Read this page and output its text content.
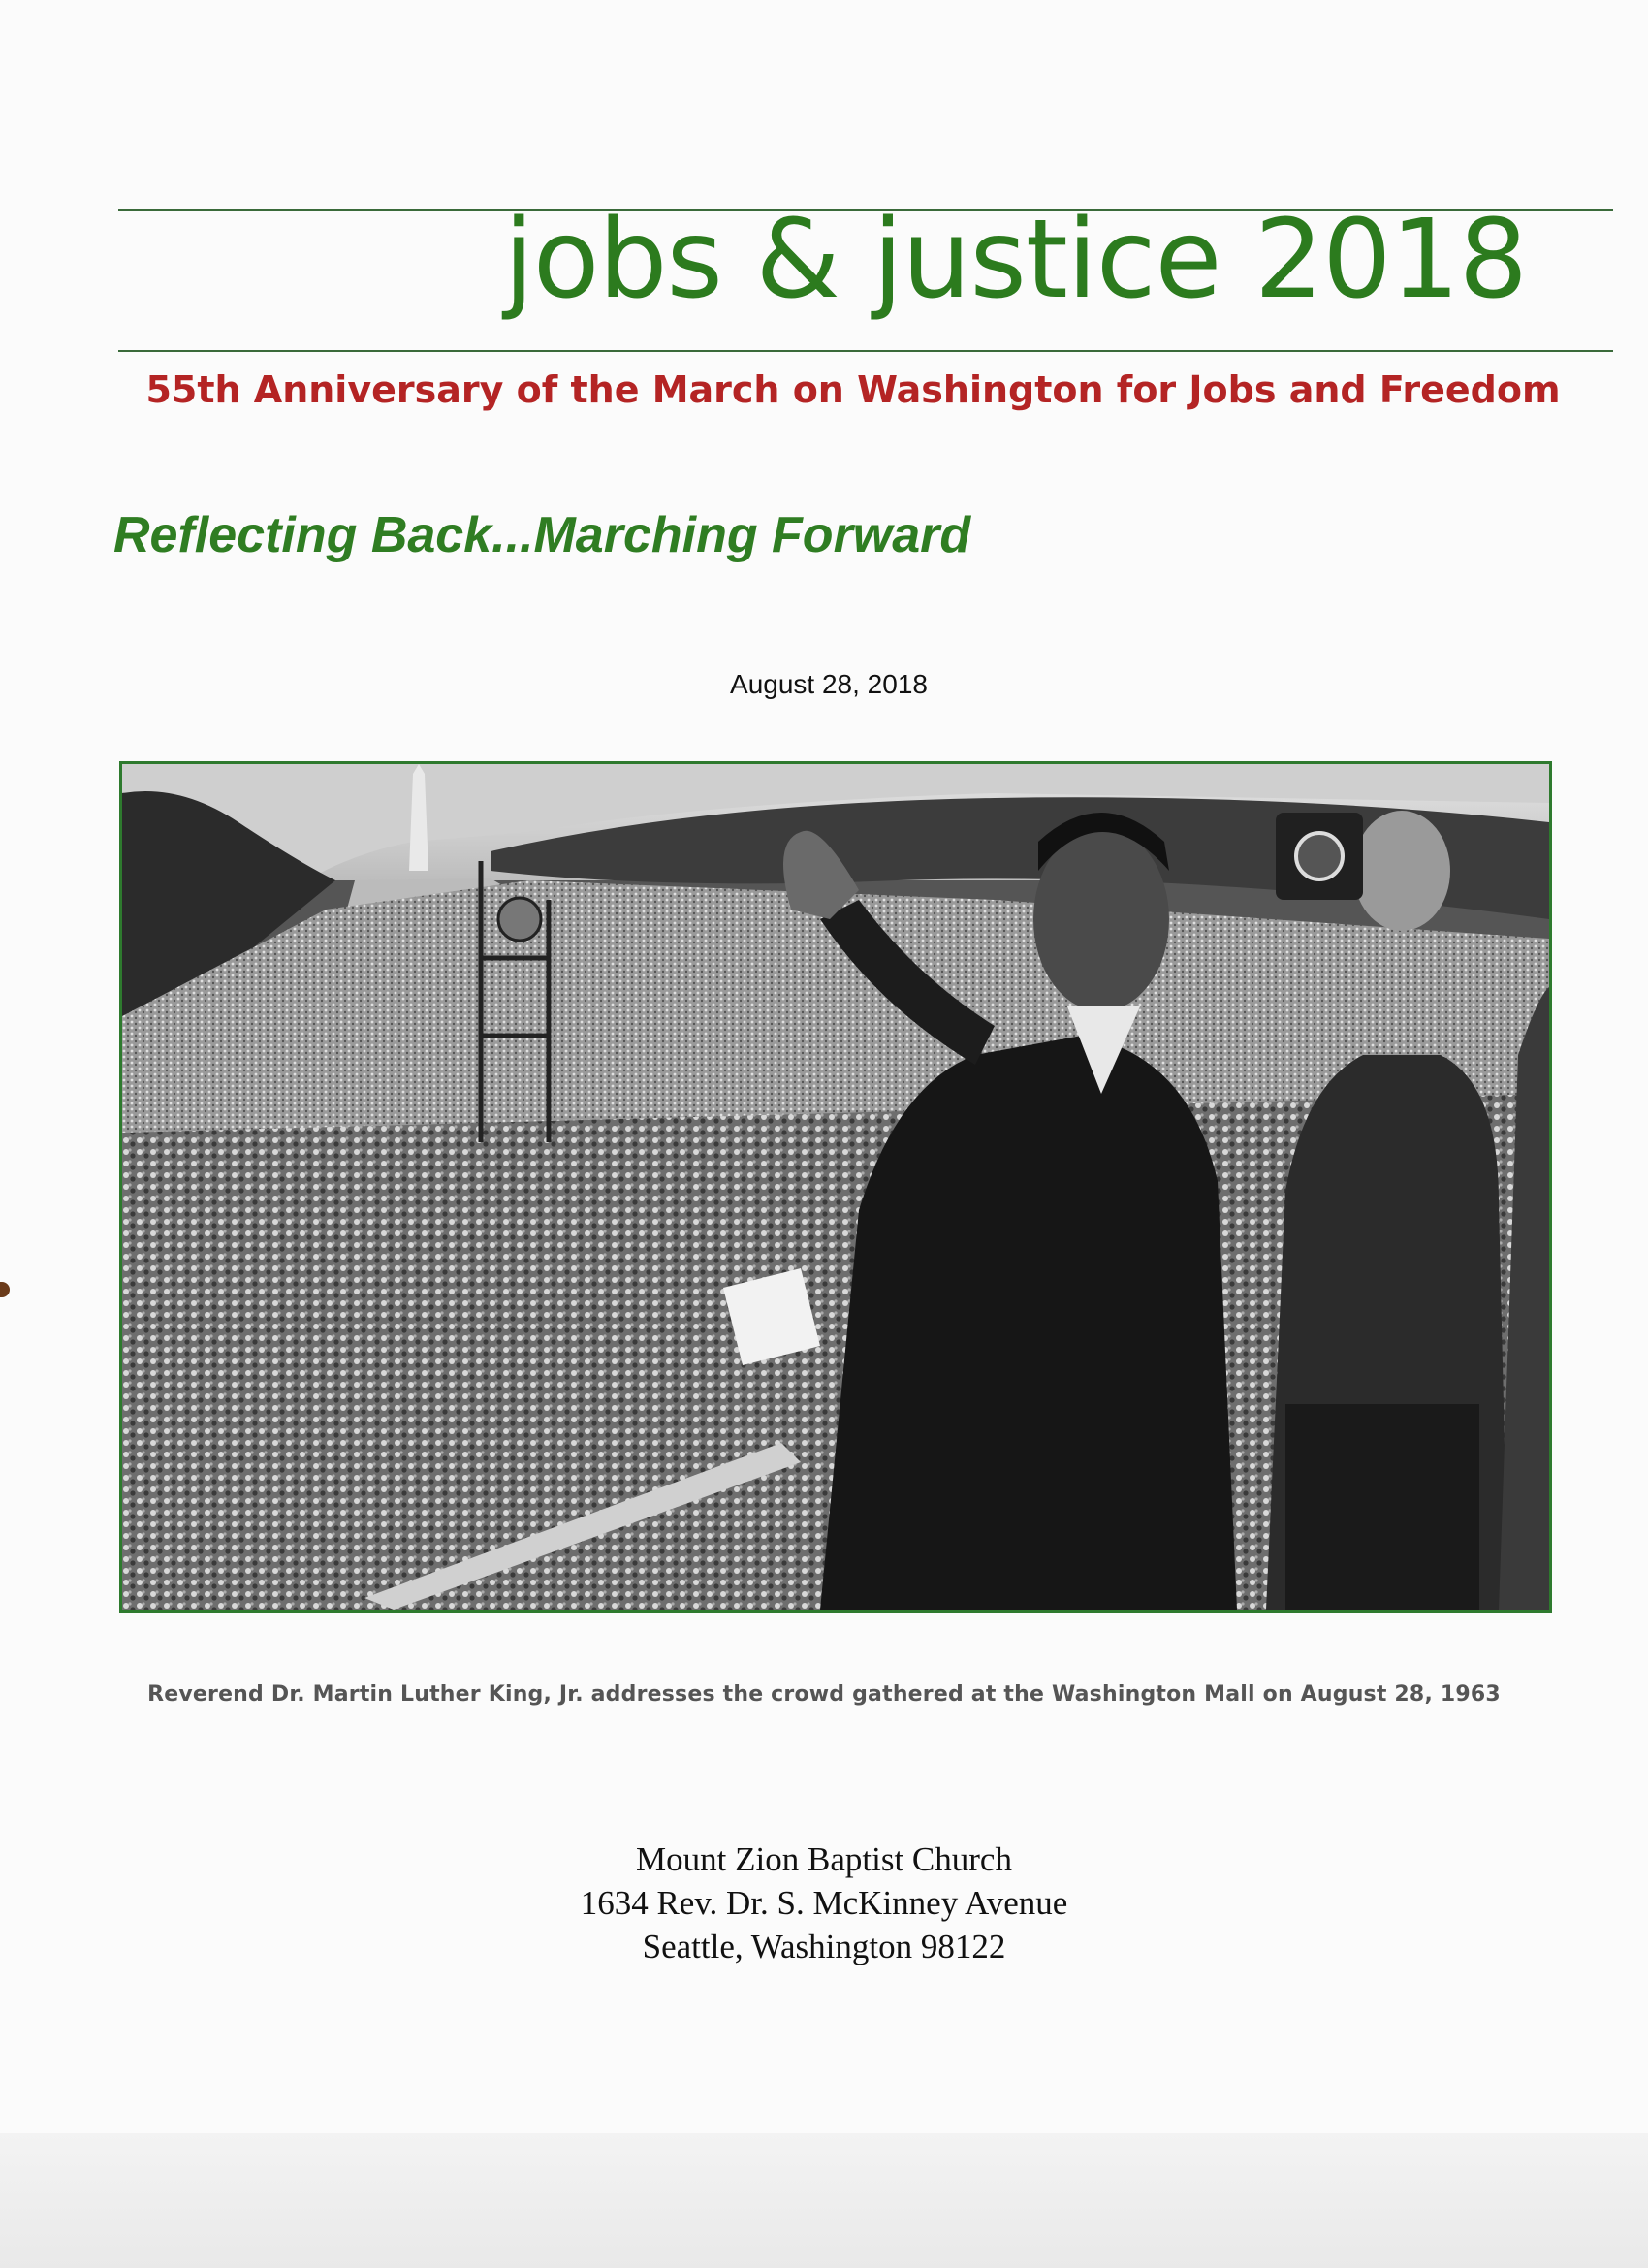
jobs & justice 2018
55th Anniversary of the March on Washington for Jobs and Freedom
Reflecting Back...Marching Forward
August 28, 2018
Reverend Dr. Martin Luther King, Jr. addresses the crowd gathered at the Washington Mall on August 28, 1963
Mount Zion Baptist Church
1634 Rev. Dr. S. McKinney Avenue
Seattle, Washington 98122
